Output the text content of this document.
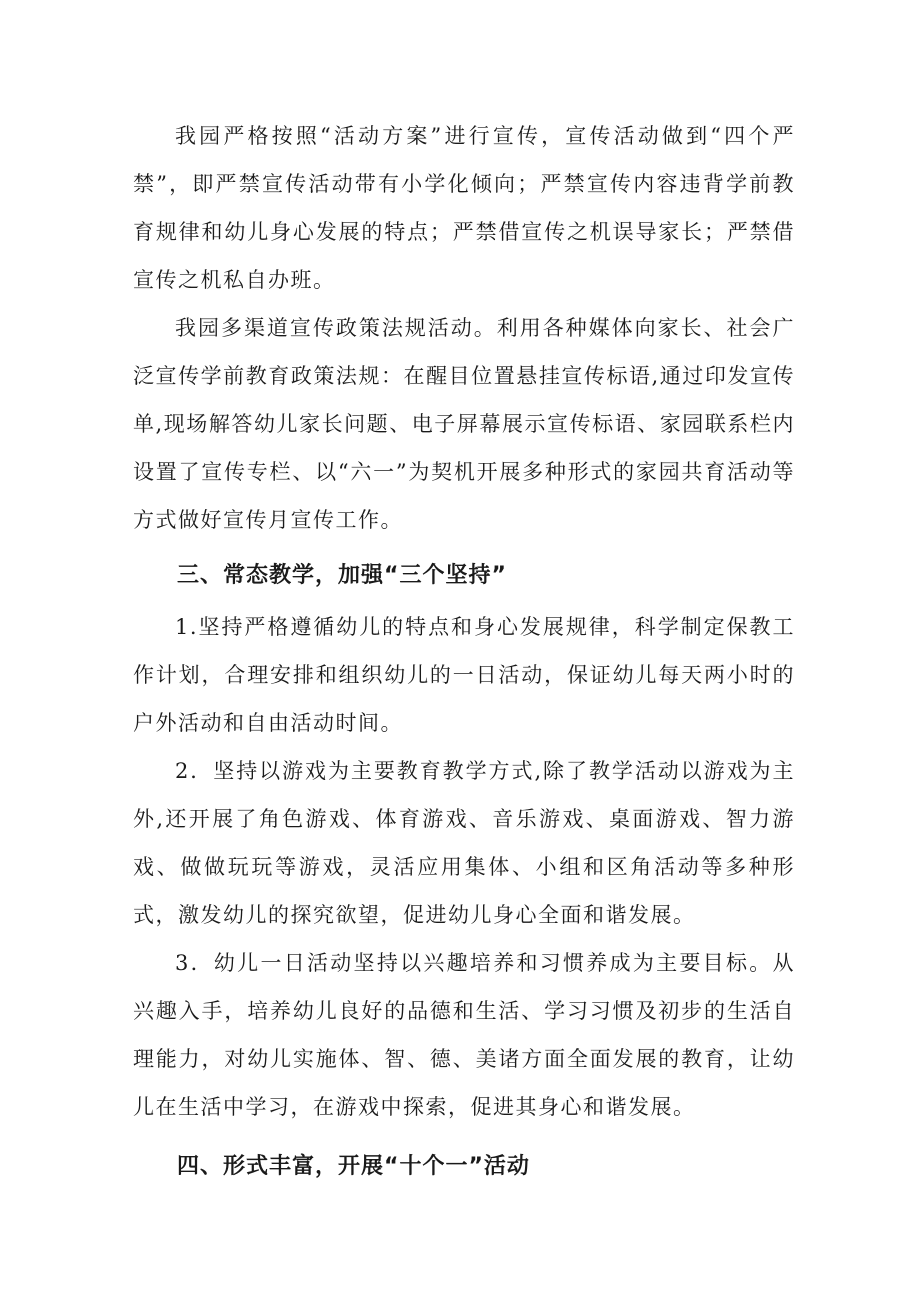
我园严格按照“活动方案”进行宣传，宣传活动做到“四个严禁”，即严禁宣传活动带有小学化倾向；严禁宣传内容违背学前教育规律和幼儿身心发展的特点；严禁借宣传之机误导家长；严禁借宣传之机私自办班。

我园多渠道宣传政策法规活动。利用各种媒体向家长、社会广泛宣传学前教育政策法规：在醒目位置悬挂宣传标语,通过印发宣传单,现场解答幼儿家长问题、电子屏幕展示宣传标语、家园联系栏内设置了宣传专栏、以“六一”为契机开展多种形式的家园共育活动等方式做好宣传月宣传工作。

三、常态教学，加强“三个坚持”

1.坚持严格遵循幼儿的特点和身心发展规律，科学制定保教工作计划，合理安排和组织幼儿的一日活动，保证幼儿每天两小时的户外活动和自由活动时间。

2．坚持以游戏为主要教育教学方式,除了教学活动以游戏为主外,还开展了角色游戏、体育游戏、音乐游戏、桌面游戏、智力游戏、做做玩玩等游戏，灵活应用集体、小组和区角活动等多种形式，激发幼儿的探究欲望，促进幼儿身心全面和谐发展。

3．幼儿一日活动坚持以兴趣培养和习惯养成为主要目标。从兴趣入手，培养幼儿良好的品德和生活、学习习惯及初步的生活自理能力，对幼儿实施体、智、德、美诸方面全面发展的教育，让幼儿在生活中学习，在游戏中探索，促进其身心和谐发展。

四、形式丰富，开展“十个一”活动
